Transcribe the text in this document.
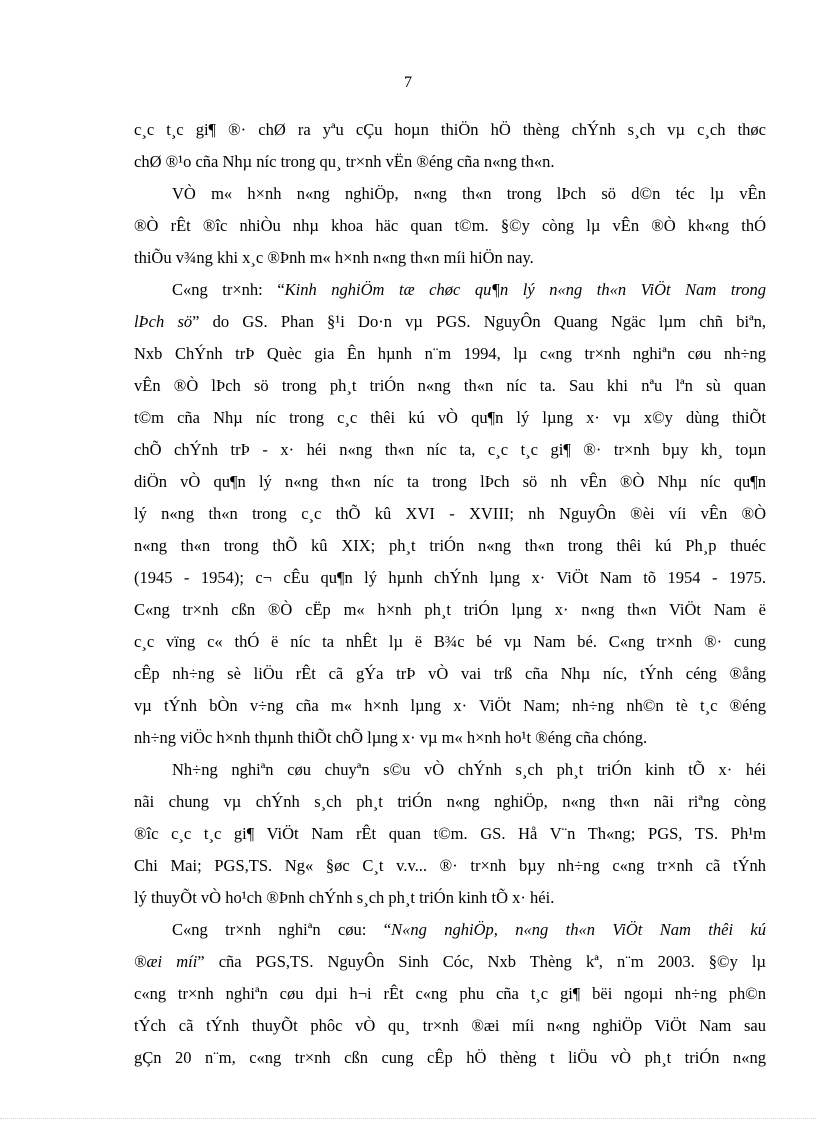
7
c¸c t¸c gi¶ ®· chØ ra yªu cÇu hoµn thiÖn hÖ thèng chÝnh s¸ch vµ c¸ch thøc
chØ ®¹o cña Nhµ níc trong qu¸ tr×nh vËn ®éng cña n«ng th«n.
VÒ m« h×nh n«ng nghiÖp, n«ng th«n trong lÞch sö d©n téc lµ vÊn
®Ò rÊt ®îc nhiÒu nhµ khoa häc quan t©m. §©y còng lµ vÊn ®Ò kh«ng thÓ
thiÕu v¾ng khi x¸c ®Þnh m« h×nh n«ng th«n míi hiÖn nay.
C«ng tr×nh: “Kinh nghiÖm tæ chøc qu¶n lý n«ng th«n ViÖt Nam trong
lÞch sö” do GS. Phan §¹i Do·n vµ PGS. NguyÔn Quang Ngäc lµm chñ biªn,
Nxb ChÝnh trÞ Quèc gia Ên hµnh n¨m 1994, lµ c«ng tr×nh nghiªn cøu nh÷ng
vÊn ®Ò lÞch sö trong ph¸t triÓn n«ng th«n níc ta. Sau khi nªu lªn sù quan
t©m cña Nhµ níc trong c¸c thêi kú vÒ qu¶n lý lµng x· vµ x©y dùng thiÕt
chÕ chÝnh trÞ - x· héi n«ng th«n níc ta, c¸c t¸c gi¶ ®· tr×nh bµy kh¸ toµn
diÖn vÒ qu¶n lý n«ng th«n níc ta trong lÞch sö nh vÊn ®Ò Nhµ níc qu¶n
lý n«ng th«n trong c¸c thÕ kû XVI - XVIII; nh NguyÔn ®èi víi vÊn ®Ò
n«ng th«n trong thÕ kû XIX; ph¸t triÓn n«ng th«n trong thêi kú Ph¸p thuéc
(1945 - 1954); c¬ cÊu qu¶n lý hµnh chÝnh lµng x· ViÖt Nam tõ 1954 - 1975.
C«ng tr×nh cßn ®Ò cËp m« h×nh ph¸t triÓn lµng x· n«ng th«n ViÖt Nam ë
c¸c vïng c« thÓ ë níc ta nhÊt lµ ë B¾c bé vµ Nam bé. C«ng tr×nh ®· cung
cÊp nh÷ng sè liÖu rÊt cã gÝa trÞ vÒ vai trß cña Nhµ níc, tÝnh céng ®ång
vµ tÝnh bÒn v÷ng cña m« h×nh lµng x· ViÖt Nam; nh÷ng nh©n tè t¸c ®éng
nh÷ng viÖc h×nh thµnh thiÕt chÕ lµng x· vµ m« h×nh ho¹t ®éng cña chóng.
Nh÷ng nghiªn cøu chuyªn s©u vÒ chÝnh s¸ch ph¸t triÓn kinh tÕ x· héi
nãi chung vµ chÝnh s¸ch ph¸t triÓn n«ng nghiÖp, n«ng th«n nãi riªng còng
®îc c¸c t¸c gi¶ ViÖt Nam rÊt quan t©m. GS. Hå V¨n Th«ng; PGS, TS. Ph¹m
Chi Mai; PGS,TS. Ng« §øc C¸t v.v... ®· tr×nh bµy nh÷ng c«ng tr×nh cã tÝnh
lý thuyÕt vÒ ho¹ch ®Þnh chÝnh s¸ch ph¸t triÓn kinh tÕ x· héi.
C«ng tr×nh nghiªn cøu: “N«ng nghiÖp, n«ng th«n ViÖt Nam thêi kú
®æi míi” cña PGS,TS. NguyÔn Sinh Cóc, Nxb Thèng kª, n¨m 2003. §©y lµ
c«ng tr×nh nghiªn cøu dµi h¬i rÊt c«ng phu cña t¸c gi¶ bëi ngoµi nh÷ng ph©n
tÝch cã tÝnh thuyÕt phôc vÒ qu¸ tr×nh ®æi míi n«ng nghiÖp ViÖt Nam sau
gÇn 20 n¨m, c«ng tr×nh cßn cung cÊp hÖ thèng t liÖu vÒ ph¸t triÓn n«ng
